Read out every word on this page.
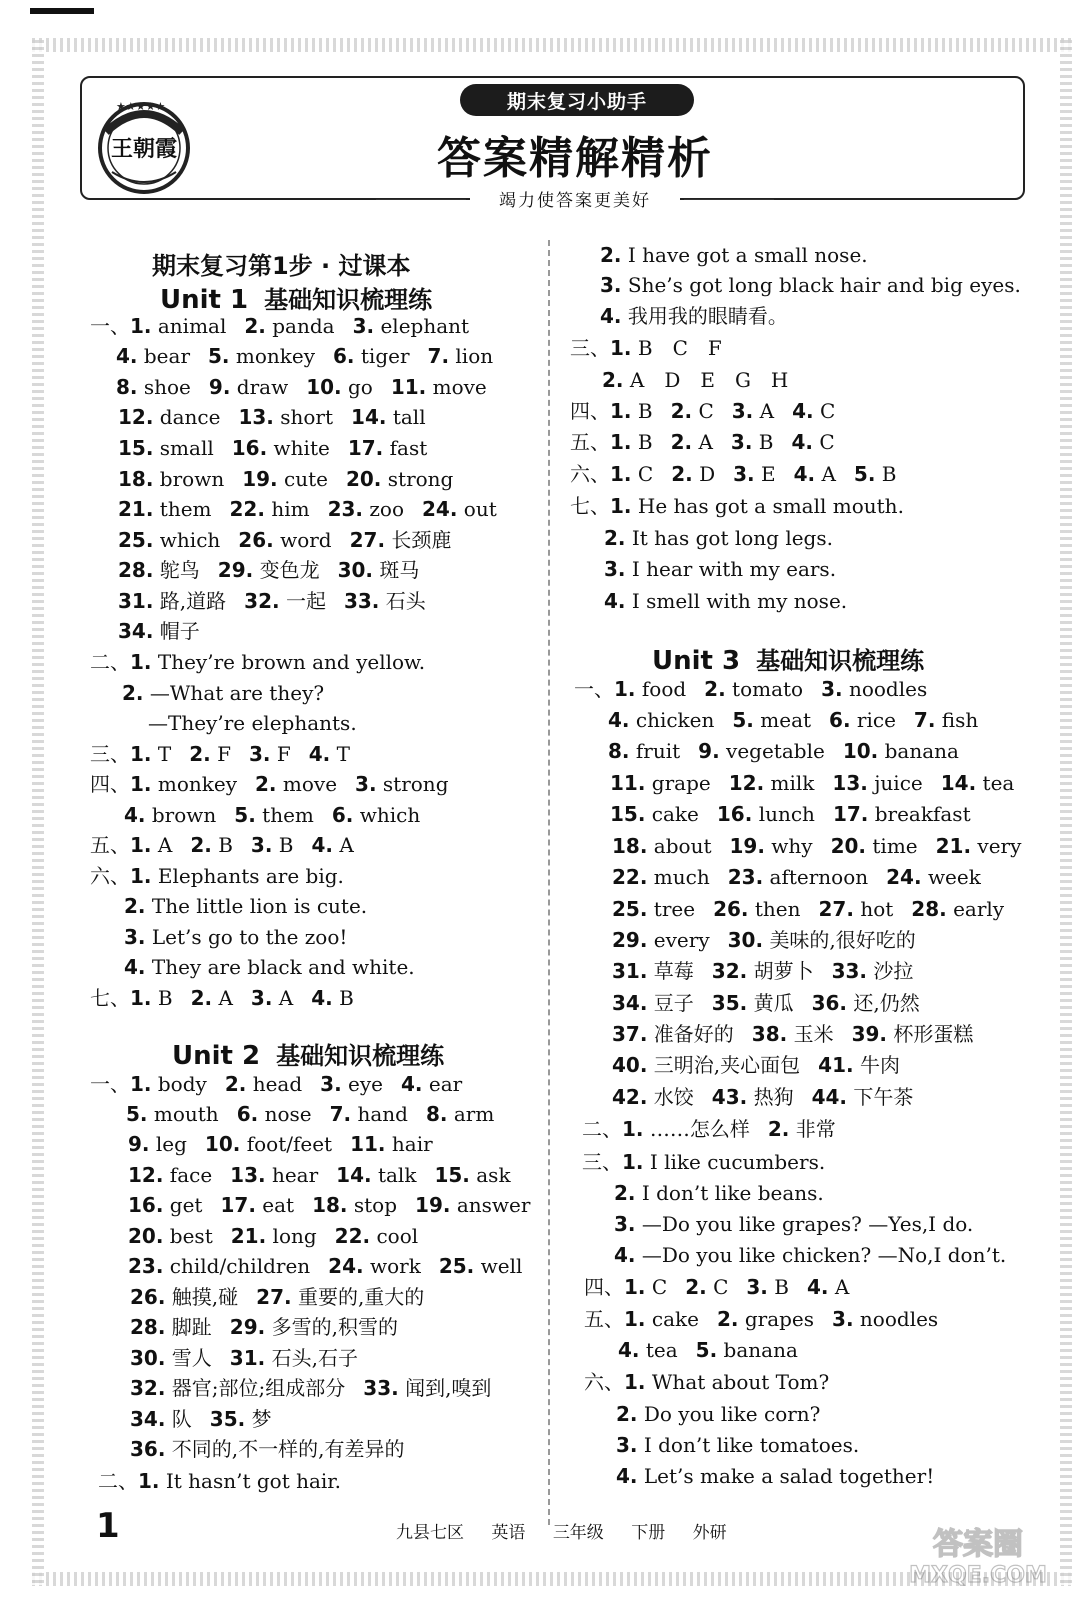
★★★★★
王朝霞
期末复习小助手
答案精解精析
竭力使答案更美好
期末复习第1步 · 过课本
Unit 1 基础知识梳理练
Unit 2 基础知识梳理练
Unit 3 基础知识梳理练
一、1. animal 2. panda 3. elephant
4. bear 5. monkey 6. tiger 7. lion
8. shoe 9. draw 10. go 11. move
12. dance 13. short 14. tall
15. small 16. white 17. fast
18. brown 19. cute 20. strong
21. them 22. him 23. zoo 24. out
25. which 26. word 27. 长颈鹿
28. 鸵鸟 29. 变色龙 30. 斑马
31. 路,道路 32. 一起 33. 石头
34. 帽子
二、1. They’re brown and yellow.
2. —What are they?
—They’re elephants.
三、1. T 2. F 3. F 4. T
四、1. monkey 2. move 3. strong
4. brown 5. them 6. which
五、1. A 2. B 3. B 4. A
六、1. Elephants are big.
2. The little lion is cute.
3. Let’s go to the zoo!
4. They are black and white.
七、1. B 2. A 3. A 4. B
一、1. body 2. head 3. eye 4. ear
5. mouth 6. nose 7. hand 8. arm
9. leg 10. foot/feet 11. hair
12. face 13. hear 14. talk 15. ask
16. get 17. eat 18. stop 19. answer
20. best 21. long 22. cool
23. child/children 24. work 25. well
26. 触摸,碰 27. 重要的,重大的
28. 脚趾 29. 多雪的,积雪的
30. 雪人 31. 石头,石子
32. 器官;部位;组成部分 33. 闻到,嗅到
34. 队 35. 梦
36. 不同的,不一样的,有差异的
二、1. It hasn’t got hair.
2. I have got a small nose.
3. She’s got long black hair and big eyes.
4. 我用我的眼睛看。
三、1. B　C　F
2. A　D　E　G　H
四、1. B 2. C 3. A 4. C
五、1. B 2. A 3. B 4. C
六、1. C 2. D 3. E 4. A 5. B
七、1. He has got a small mouth.
2. It has got long legs.
3. I hear with my ears.
4. I smell with my nose.
一、1. food 2. tomato 3. noodles
4. chicken 5. meat 6. rice 7. fish
8. fruit 9. vegetable 10. banana
11. grape 12. milk 13. juice 14. tea
15. cake 16. lunch 17. breakfast
18. about 19. why 20. time 21. very
22. much 23. afternoon 24. week
25. tree 26. then 27. hot 28. early
29. every 30. 美味的,很好吃的
31. 草莓 32. 胡萝卜 33. 沙拉
34. 豆子 35. 黄瓜 36. 还,仍然
37. 准备好的 38. 玉米 39. 杯形蛋糕
40. 三明治,夹心面包 41. 牛肉
42. 水饺 43. 热狗 44. 下午茶
二、1. ……怎么样 2. 非常
三、1. I like cucumbers.
2. I don’t like beans.
3. —Do you like grapes? —Yes,I do.
4. —Do you like chicken? —No,I don’t.
四、1. C 2. C 3. B 4. A
五、1. cake 2. grapes 3. noodles
4. tea 5. banana
六、1. What about Tom?
2. Do you like corn?
3. I don’t like tomatoes.
4. Let’s make a salad together!
1	九县七区 英语 三年级 下册 外研	答案圈
MXQE.COM
